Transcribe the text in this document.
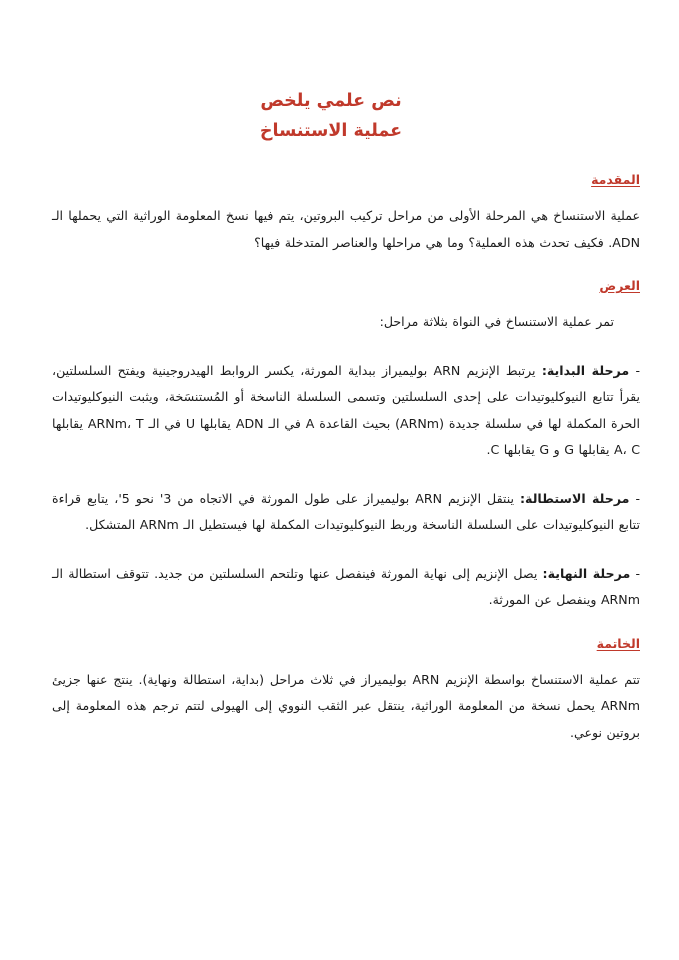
نص علمي يلخص
عملية الاستنساخ
المقدمة

عملية الاستنساخ هي المرحلة الأولى من مراحل تركيب البروتين، يتم فيها نسخ المعلومة الوراثية التي يحملها الـ ADN. فكيف تحدث هذه العملية؟ وما هي مراحلها والعناصر المتدخلة فيها؟

العرض

تمر عملية الاستنساخ في النواة بثلاثة مراحل:

- مرحلة البداية: يرتبط الإنزيم ARN بوليميراز ببداية المورثة، يكسر الروابط الهيدروجينية ويفتح السلسلتين، يقرأ تتابع النيوكليوتيدات على إحدى السلسلتين وتسمى السلسلة الناسخة أو المُستنسَخة، ويثبت النيوكليوتيدات الحرة المكملة لها في سلسلة جديدة (ARNm) بحيث القاعدة A في الـ ADN يقابلها U في الـ ARNm، T يقابلها A، C يقابلها G و G يقابلها C.

- مرحلة الاستطالة: ينتقل الإنزيم ARN بوليميراز على طول المورثة في الاتجاه من 3' نحو 5'، يتابع قراءة تتابع النيوكليوتيدات على السلسلة الناسخة وربط النيوكليوتيدات المكملة لها فيستطيل الـ ARNm المتشكل.

- مرحلة النهاية: يصل الإنزيم إلى نهاية المورثة فينفصل عنها وتلتحم السلسلتين من جديد. تتوقف استطالة الـ ARNm وينفصل عن المورثة.

الخاتمة

تتم عملية الاستنساخ بواسطة الإنزيم ARN بوليميراز في ثلاث مراحل (بداية، استطالة ونهاية). ينتج عنها جزيئ ARNm يحمل نسخة من المعلومة الوراثية، ينتقل عبر الثقب النووي إلى الهيولى لتتم ترجم هذه المعلومة إلى بروتين نوعي.
